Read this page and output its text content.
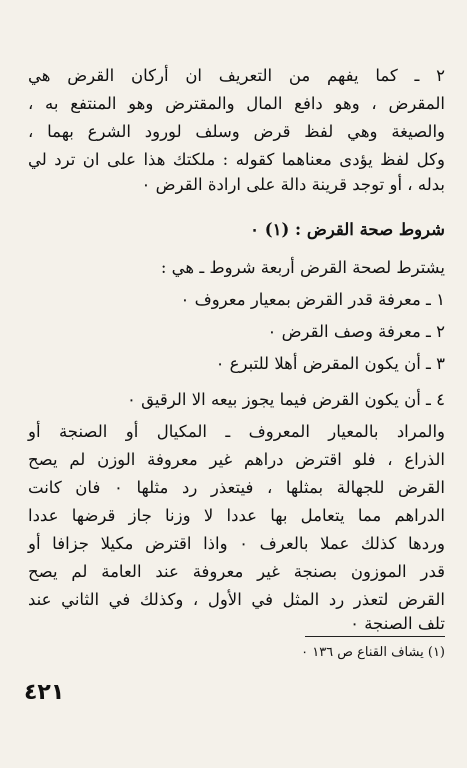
٢ ـ كما يفهم من التعريف ان أركان القرض هي
المقرض ، وهو دافع المال والمقترض وهو المنتفع به ،
والصيغة وهي لفظ قرض وسلف لورود الشرع بهما ،
وكل لفظ يؤدى معناهما كقوله : ملكتك هذا على ان ترد لي
بدله ، أو توجد قرينة دالة على ارادة القرض ٠
شروط صحة القرض : (١) ٠
يشترط لصحة القرض أربعة شروط ـ هي :
١ ـ معرفة قدر القرض بمعيار معروف ٠
٢ ـ معرفة وصف القرض ٠
٣ ـ أن يكون المقرض أهلا للتبرع ٠
٤ ـ أن يكون القرض فيما يجوز بيعه الا الرقيق ٠
والمراد بالمعيار المعروف ـ المكيال أو الصنجة أو
الذراع ، فلو اقترض دراهم غير معروفة الوزن لم يصح
القرض للجهالة بمثلها ، فيتعذر رد مثلها ٠ فان كانت
الدراهم مما يتعامل بها عددا لا وزنا جاز قرضها عددا
وردها كذلك عملا بالعرف ٠ واذا اقترض مكيلا جزافا أو
قدر الموزون بصنجة غير معروفة عند العامة لم يصح
القرض لتعذر رد المثل في الأول ، وكذلك في الثاني عند
تلف الصنجة ٠
(١) يشاف القناع ص ١٣٦ ٠
٤٢١
